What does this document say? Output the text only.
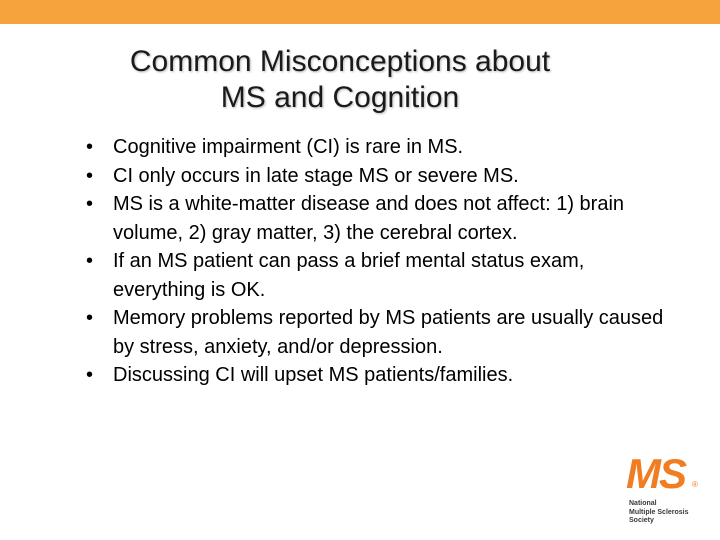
Common Misconceptions about
MS and Cognition
• Cognitive impairment (CI) is rare in MS.
• CI only occurs in late stage MS or severe MS.
• MS is a white-matter disease and does not affect: 1) brain volume, 2) gray matter, 3) the cerebral cortex.
• If an MS patient can pass a brief mental status exam, everything is OK.
• Memory problems reported by MS patients are usually caused by stress, anxiety, and/or depression.
• Discussing CI will upset MS patients/families.
MS ®
National
Multiple Sclerosis
Society
